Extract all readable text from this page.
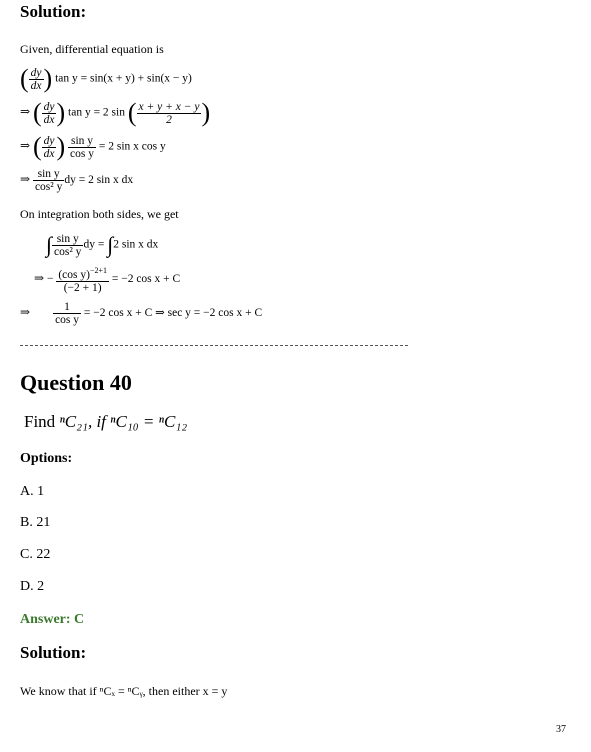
Solution:
Given, differential equation is
( $\frac{dy}{dx}$ ) tan y = sin(x + y) + sin(x − y)
⇒ ( $\frac{dy}{dx}$ ) tan y = 2 sin ( $\frac{x + y + x - y}{2}$ )
⇒ ( $\frac{dy}{dx}$ ) $\frac{\text{sin y}}{\text{cos y}} = 2$ sin x cos y
⇒ $\frac{\text{sin y}}{\text{cos² y}}$ dy = 2 sin x dx
On integration both sides, we get
∫ $\frac{\text{sin y}}{\text{cos² y}}$ dy = ∫2 sin x dx
⇒ − $\frac{(\cos y)^{-2+1}}{(-2 + 1)} = -2$ cos x + C
⇒ $\frac{1}{\text{cos y}} = -2$ cos x + C ⇒ sec y = −2 cos x + C
Question 40
Find ⁿC₂₁, if ⁿC₁₀ = ⁿC₁₂
Options:
A. 1
B. 21
C. 22
D. 2
Answer: C
Solution:
We know that if ⁿCₓ = ⁿCᵧ, then either x = y
37
